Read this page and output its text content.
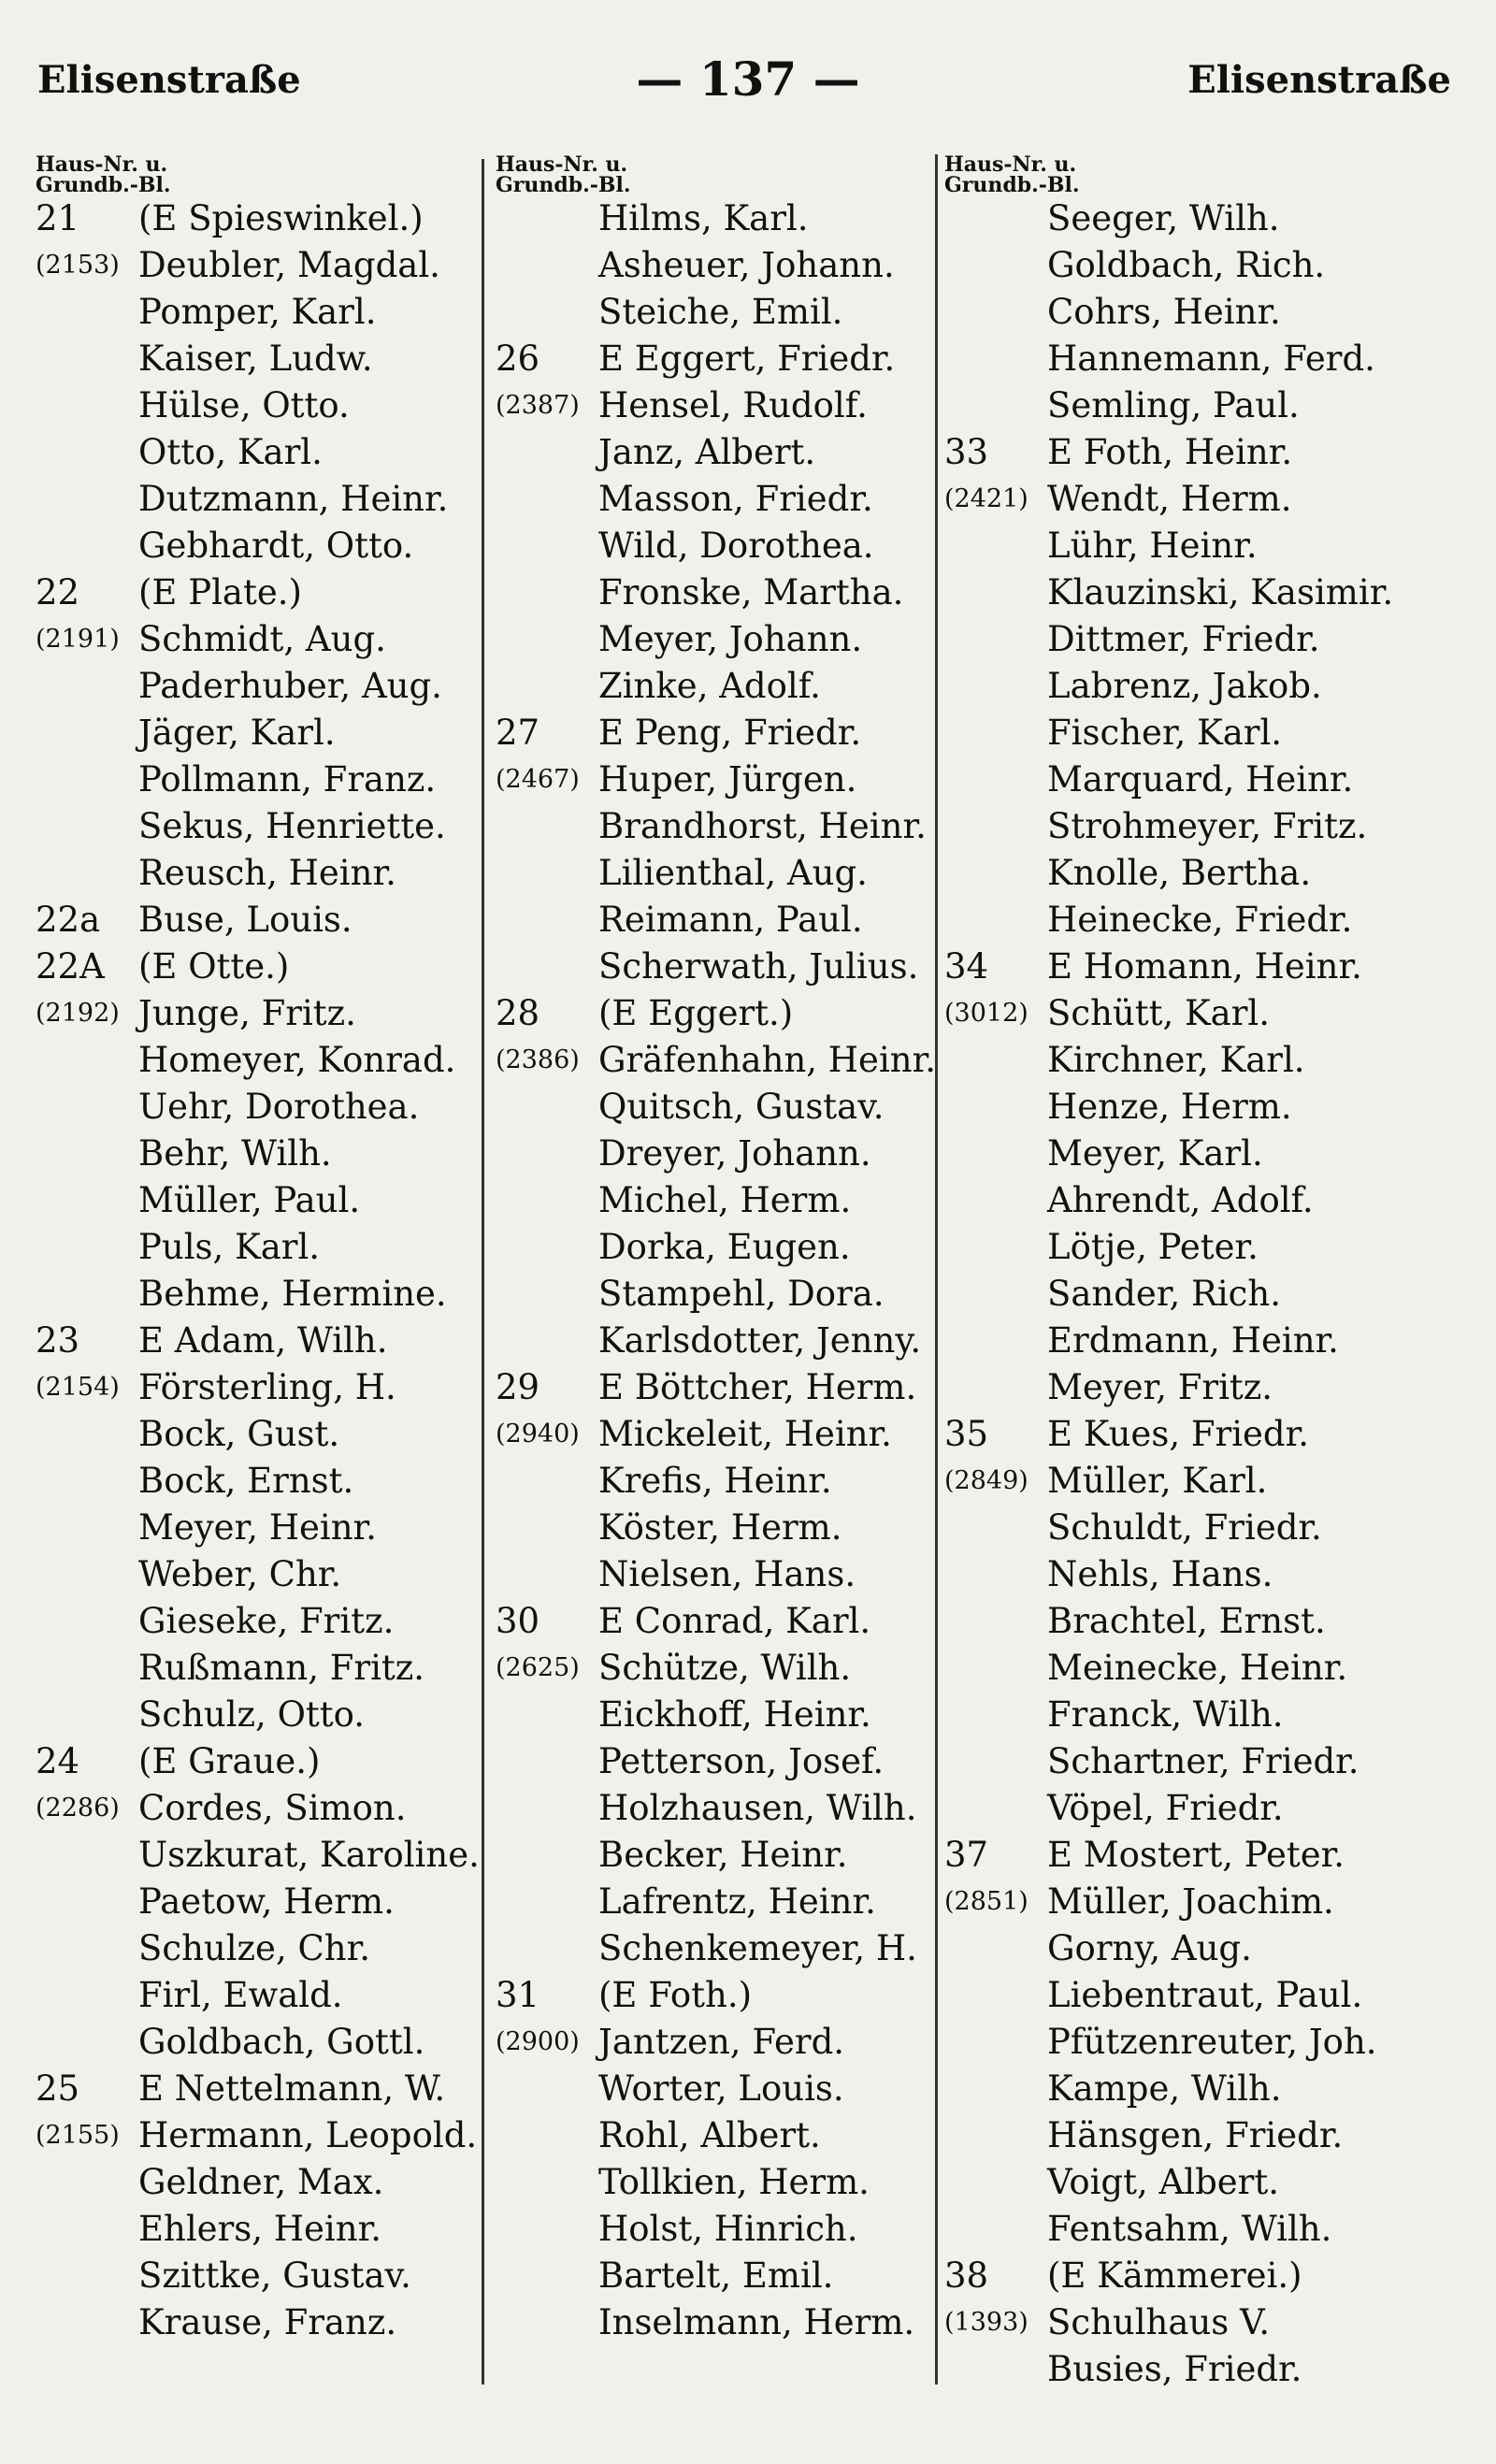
Elisenstraße	— 137 —	Elisenstraße
Haus-Nr. u.
Grundb.-Bl.
21 (E Spieswinkel.)
(2153) Deubler, Magdal.
Pomper, Karl.
Kaiser, Ludw.
Hülse, Otto.
Otto, Karl.
Dutzmann, Heinr.
Gebhardt, Otto.
22 (E Plate.)
(2191) Schmidt, Aug.
Paderhuber, Aug.
Jäger, Karl.
Pollmann, Franz.
Sekus, Henriette.
Reusch, Heinr.
22a Buse, Louis.
22A (E Otte.)
(2192) Junge, Fritz.
Homeyer, Konrad.
Uehr, Dorothea.
Behr, Wilh.
Müller, Paul.
Puls, Karl.
Behme, Hermine.
23 E Adam, Wilh.
(2154) Försterling, H.
Bock, Gust.
Bock, Ernst.
Meyer, Heinr.
Weber, Chr.
Gieseke, Fritz.
Rußmann, Fritz.
Schulz, Otto.
24 (E Graue.)
(2286) Cordes, Simon.
Uszkurat, Karoline.
Paetow, Herm.
Schulze, Chr.
Firl, Ewald.
Goldbach, Gottl.
25 E Nettelmann, W.
(2155) Hermann, Leopold.
Geldner, Max.
Ehlers, Heinr.
Szittke, Gustav.
Krause, Franz.
Haus-Nr. u.
Grundb.-Bl.
Hilms, Karl.
Asheuer, Johann.
Steiche, Emil.
26 E Eggert, Friedr.
(2387) Hensel, Rudolf.
Janz, Albert.
Masson, Friedr.
Wild, Dorothea.
Fronske, Martha.
Meyer, Johann.
Zinke, Adolf.
27 E Peng, Friedr.
(2467) Huper, Jürgen.
Brandhorst, Heinr.
Lilienthal, Aug.
Reimann, Paul.
Scherwath, Julius.
28 (E Eggert.)
(2386) Gräfenhahn, Heinr.
Quitsch, Gustav.
Dreyer, Johann.
Michel, Herm.
Dorka, Eugen.
Stampehl, Dora.
Karlsdotter, Jenny.
29 E Böttcher, Herm.
(2940) Mickeleit, Heinr.
Krefis, Heinr.
Köster, Herm.
Nielsen, Hans.
30 E Conrad, Karl.
(2625) Schütze, Wilh.
Eickhoff, Heinr.
Petterson, Josef.
Holzhausen, Wilh.
Becker, Heinr.
Lafrentz, Heinr.
Schenkemeyer, H.
31 (E Foth.)
(2900) Jantzen, Ferd.
Worter, Louis.
Rohl, Albert.
Tollkien, Herm.
Holst, Hinrich.
Bartelt, Emil.
Inselmann, Herm.
Haus-Nr. u.
Grundb.-Bl.
Seeger, Wilh.
Goldbach, Rich.
Cohrs, Heinr.
Hannemann, Ferd.
Semling, Paul.
33 E Foth, Heinr.
(2421) Wendt, Herm.
Lühr, Heinr.
Klauzinski, Kasimir.
Dittmer, Friedr.
Labrenz, Jakob.
Fischer, Karl.
Marquard, Heinr.
Strohmeyer, Fritz.
Knolle, Bertha.
Heinecke, Friedr.
34 E Homann, Heinr.
(3012) Schütt, Karl.
Kirchner, Karl.
Henze, Herm.
Meyer, Karl.
Ahrendt, Adolf.
Lötje, Peter.
Sander, Rich.
Erdmann, Heinr.
Meyer, Fritz.
35 E Kues, Friedr.
(2849) Müller, Karl.
Schuldt, Friedr.
Nehls, Hans.
Brachtel, Ernst.
Meinecke, Heinr.
Franck, Wilh.
Schartner, Friedr.
Vöpel, Friedr.
37 E Mostert, Peter.
(2851) Müller, Joachim.
Gorny, Aug.
Liebentraut, Paul.
Pfützenreuter, Joh.
Kampe, Wilh.
Hänsgen, Friedr.
Voigt, Albert.
Fentsahm, Wilh.
38 (E Kämmerei.)
(1393) Schulhaus V.
Busies, Friedr.
